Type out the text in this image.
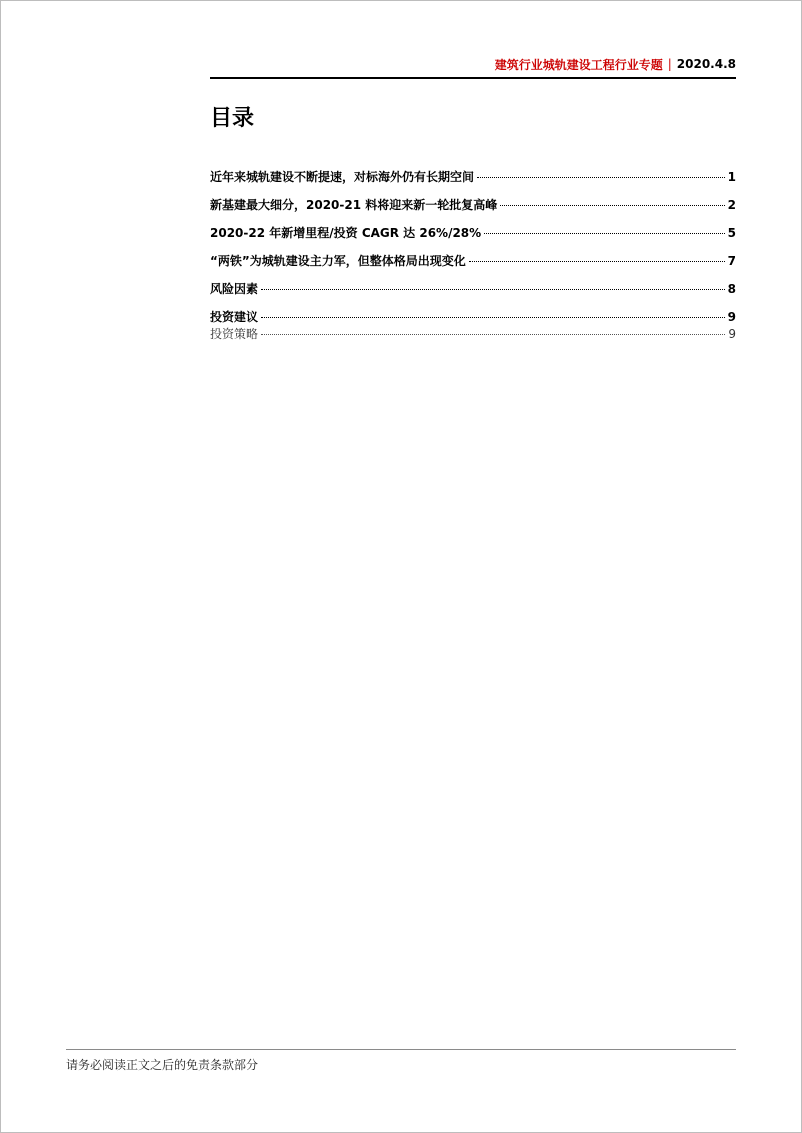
建筑行业城轨建设工程行业专题 | 2020.4.8
目录
近年来城轨建设不断提速，对标海外仍有长期空间	1
新基建最大细分，2020-21 料将迎来新一轮批复高峰	2
2020-22 年新增里程/投资 CAGR 达 26%/28%	5
“两铁”为城轨建设主力军，但整体格局出现变化	7
风险因素	8
投资建议	9
投资策略	9
请务必阅读正文之后的免责条款部分
